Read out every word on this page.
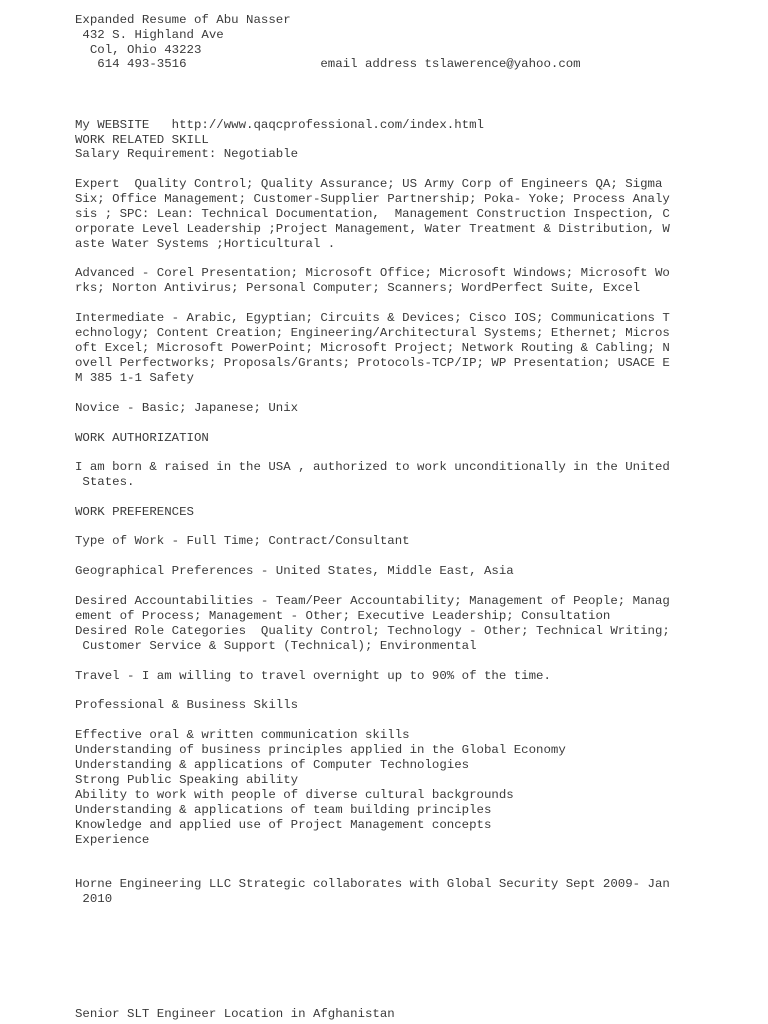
Expanded Resume of Abu Nasser
432 S. Highland Ave
Col, Ohio 43223
614 493-3516                  email address tslawerence@yahoo.com
My WEBSITE   http://www.qaqcprofessional.com/index.html
WORK RELATED SKILL
Salary Requirement: Negotiable
Expert  Quality Control; Quality Assurance; US Army Corp of Engineers QA; Sigma
Six; Office Management; Customer-Supplier Partnership; Poka- Yoke; Process Analy
sis ; SPC: Lean: Technical Documentation,  Management Construction Inspection, C
orporate Level Leadership ;Project Management, Water Treatment & Distribution, W
aste Water Systems ;Horticultural .
Advanced - Corel Presentation; Microsoft Office; Microsoft Windows; Microsoft Wo
rks; Norton Antivirus; Personal Computer; Scanners; WordPerfect Suite, Excel
Intermediate - Arabic, Egyptian; Circuits & Devices; Cisco IOS; Communications T
echnology; Content Creation; Engineering/Architectural Systems; Ethernet; Micros
oft Excel; Microsoft PowerPoint; Microsoft Project; Network Routing & Cabling; N
ovell Perfectworks; Proposals/Grants; Protocols-TCP/IP; WP Presentation; USACE E
M 385 1-1 Safety
Novice - Basic; Japanese; Unix
WORK AUTHORIZATION
I am born & raised in the USA , authorized to work unconditionally in the United
States.
WORK PREFERENCES
Type of Work - Full Time; Contract/Consultant
Geographical Preferences - United States, Middle East, Asia
Desired Accountabilities - Team/Peer Accountability; Management of People; Manag
ement of Process; Management - Other; Executive Leadership; Consultation
Desired Role Categories  Quality Control; Technology - Other; Technical Writing;
Customer Service & Support (Technical); Environmental
Travel - I am willing to travel overnight up to 90% of the time.
Professional & Business Skills
Effective oral & written communication skills
Understanding of business principles applied in the Global Economy
Understanding & applications of Computer Technologies
Strong Public Speaking ability
Ability to work with people of diverse cultural backgrounds
Understanding & applications of team building principles
Knowledge and applied use of Project Management concepts
Experience
Horne Engineering LLC Strategic collaborates with Global Security Sept 2009- Jan
2010
Senior SLT Engineer Location in Afghanistan
